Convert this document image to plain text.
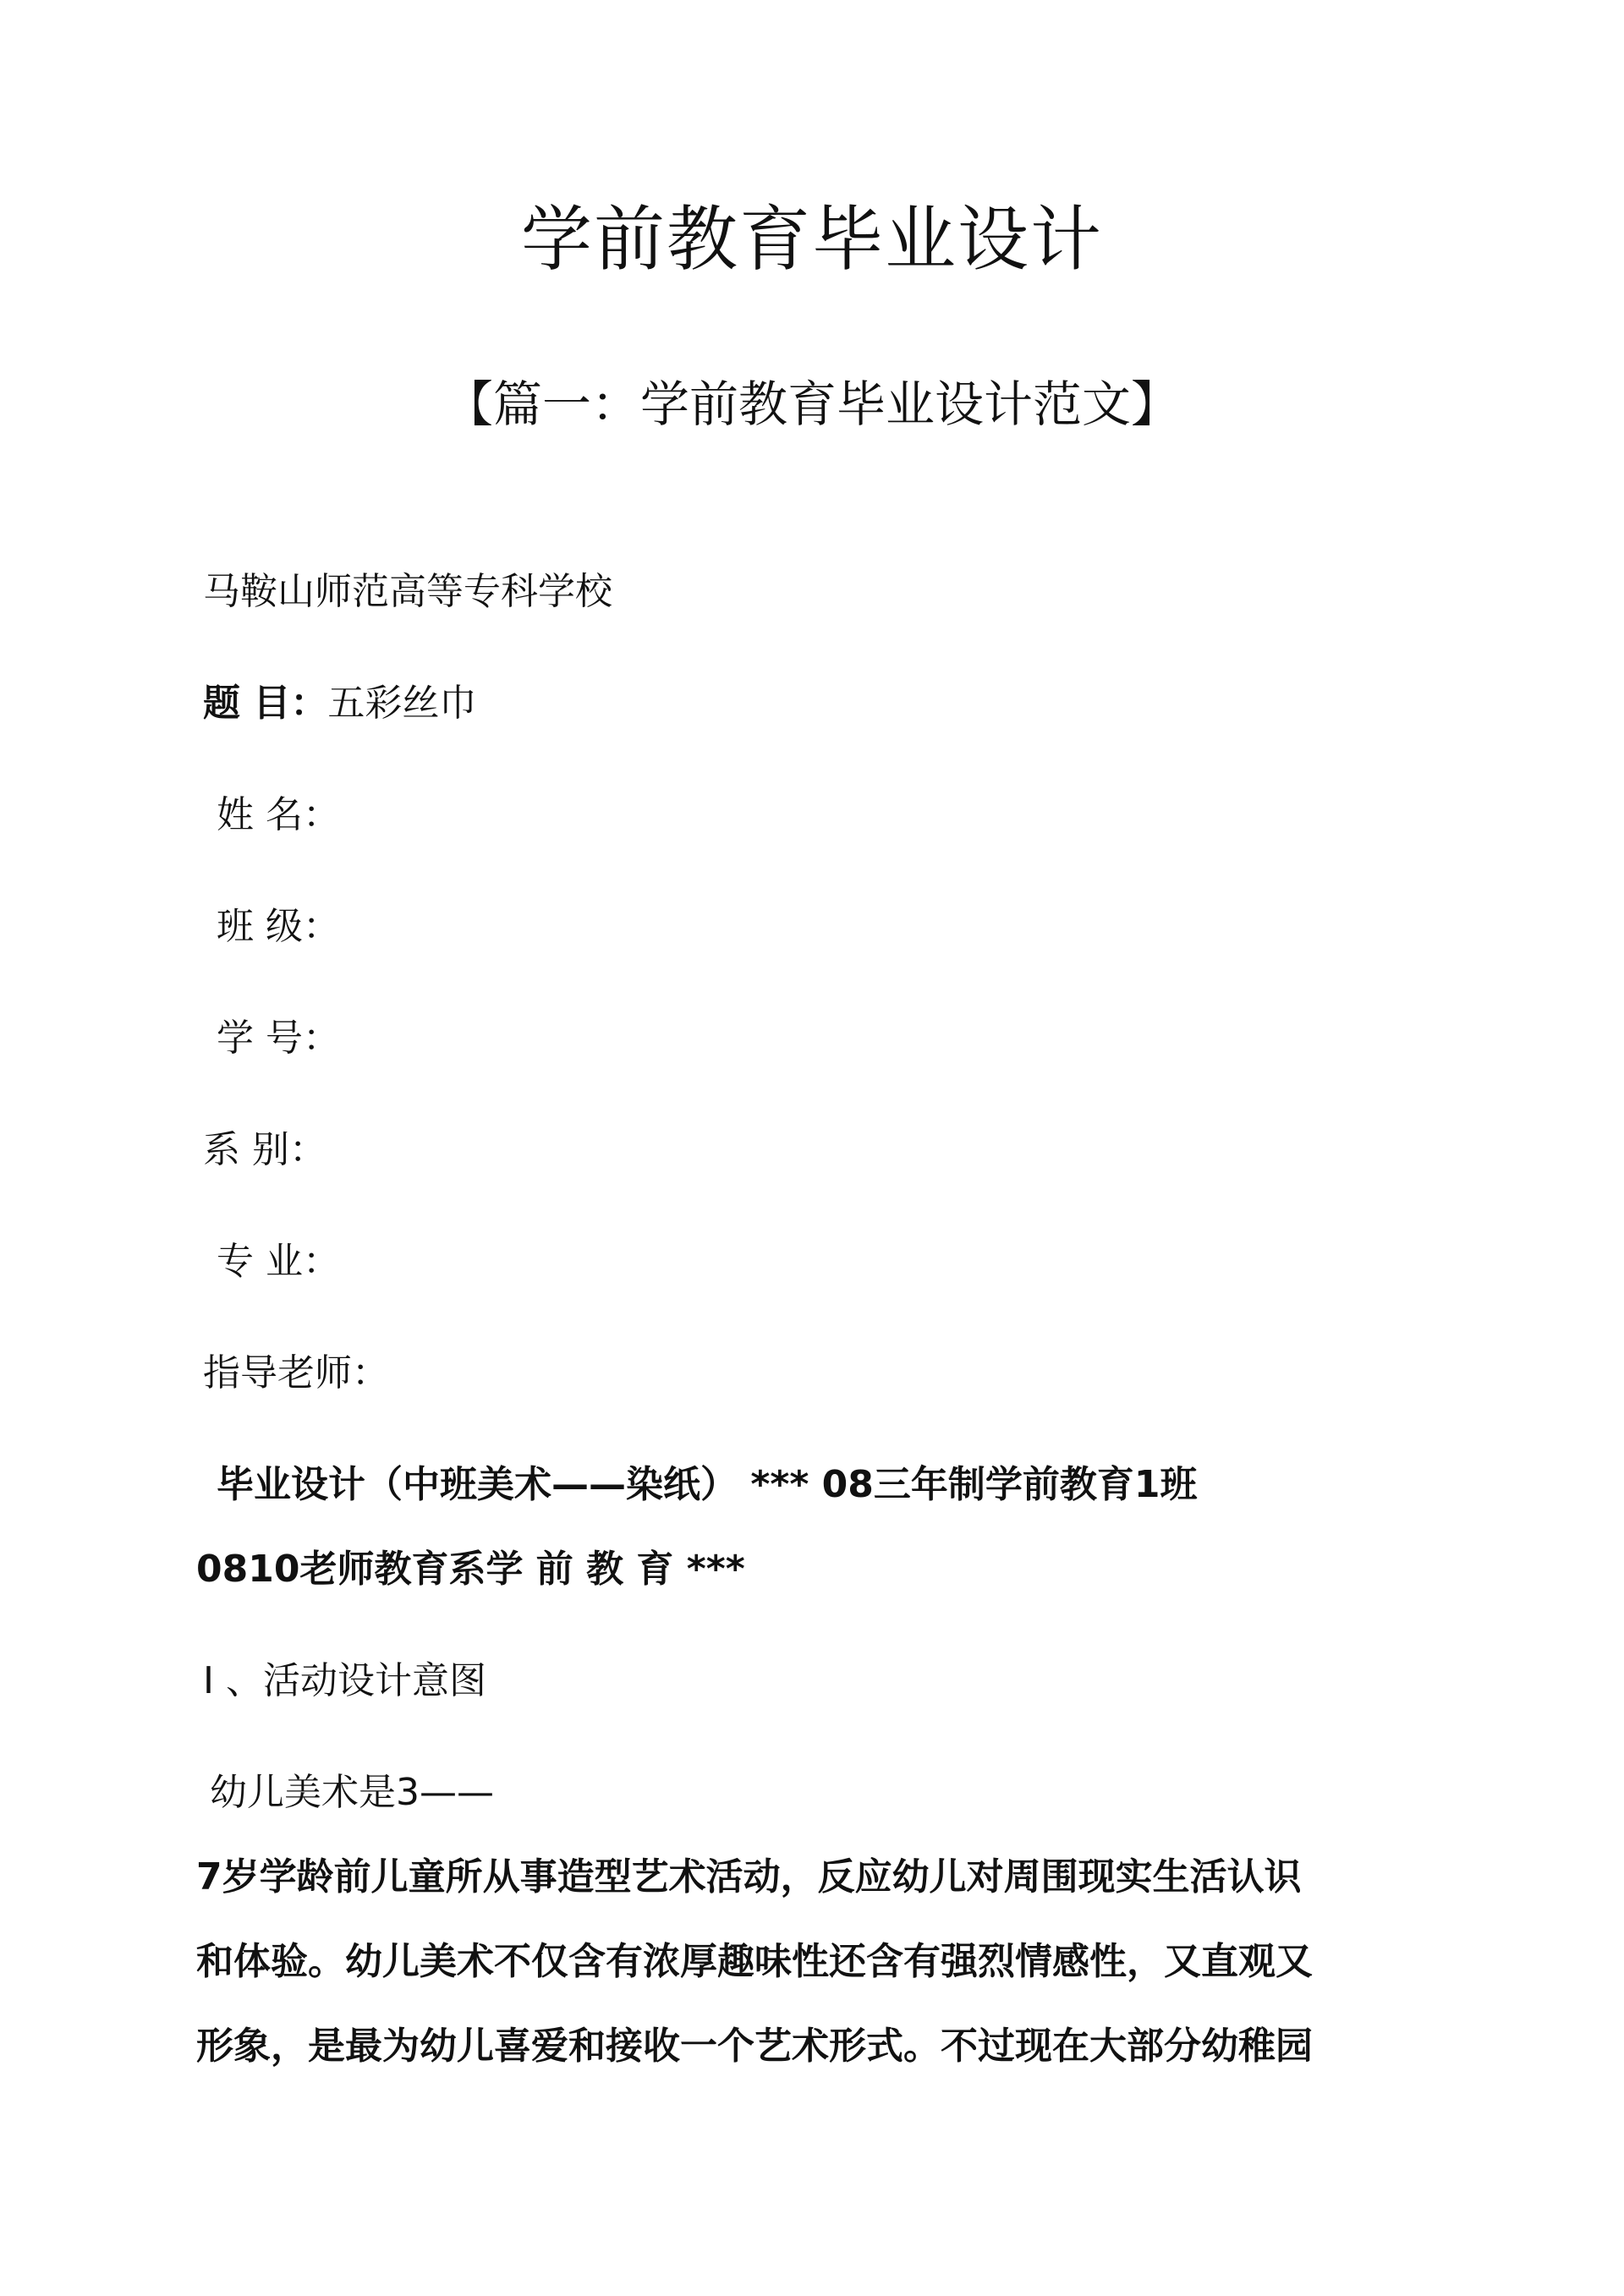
学前教育毕业设计
【篇一：学前教育毕业设计范文】
马鞍山师范高等专科学校
题 目：五彩丝巾
姓 名：
班 级：
学 号：
系 别：
专 业：
指导老师：
毕业设计（中班美术——染纸） *** 08三年制学前教育1班
0810老师教育系学 前 教 育 ***
Ⅰ 、活动设计意图
幼儿美术是3——
7岁学龄前儿童所从事造型艺术活动，反应幼儿对周围现实生活认识
和体验。幼儿美术不仅含有浓厚趣味性还含有强烈情感性，又直观又
形象，是最为幼儿喜爱和接收一个艺术形式。不过现在大部分幼稚园
